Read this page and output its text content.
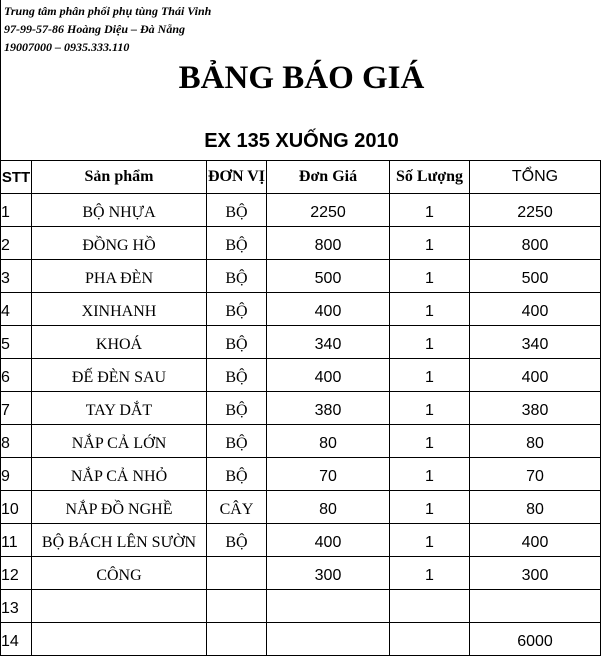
Trung tâm phân phối phụ tùng Thái Vinh
97-99-57-86 Hoàng Diệu – Đà Nẵng
19007000 – 0935.333.110
BẢNG BÁO GIÁ
EX 135 XUỐNG 2010
STT	Sản phẩm	ĐƠN VỊ	Đơn Giá	Số Lượng	TỔNG
1	BỘ NHỰA	BỘ	2250	1	2250
2	ĐỒNG HỒ	BỘ	800	1	800
3	PHA ĐÈN	BỘ	500	1	500
4	XINHANH	BỘ	400	1	400
5	KHOÁ	BỘ	340	1	340
6	ĐẾ ĐÈN SAU	BỘ	400	1	400
7	TAY DẮT	BỘ	380	1	380
8	NẮP CẢ LỚN	BỘ	80	1	80
9	NẮP CẢ NHỎ	BỘ	70	1	70
10	NẮP ĐỒ NGHỀ	CÂY	80	1	80
11	BỘ BÁCH LÊN SƯỜN	BỘ	400	1	400
12	CÔNG		300	1	300
13					
14					6000
